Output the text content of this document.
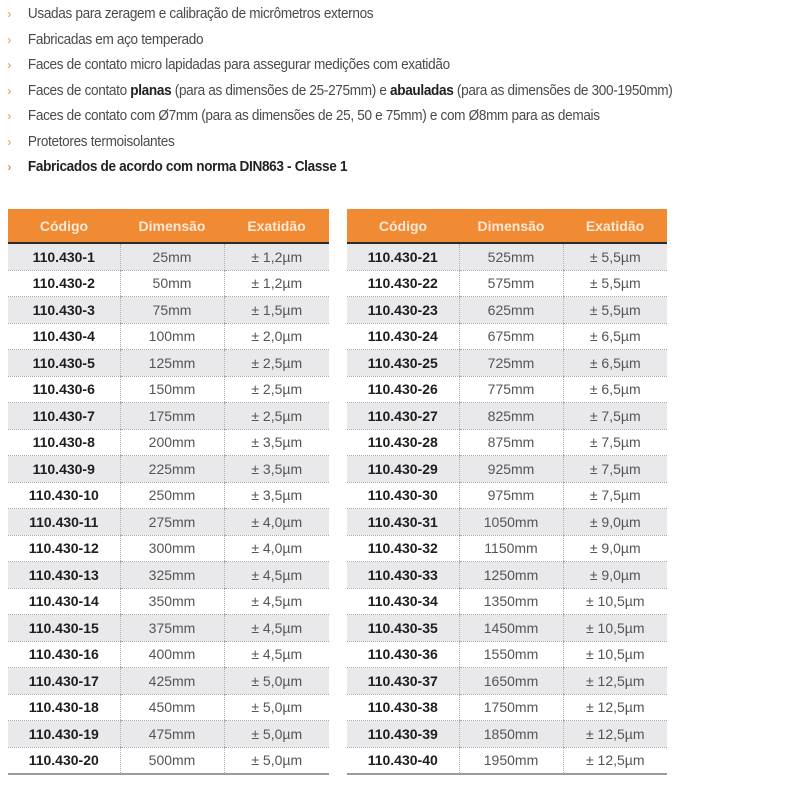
› Usadas para zeragem e calibração de micrômetros externos
› Fabricadas em aço temperado
› Faces de contato micro lapidadas para assegurar medições com exatidão
› Faces de contato planas (para as dimensões de 25-275mm) e abauladas (para as dimensões de 300-1950mm)
› Faces de contato com Ø7mm (para as dimensões de 25, 50 e 75mm) e com Ø8mm para as demais
› Protetores termoisolantes
› Fabricados de acordo com norma DIN863 - Classe 1
Código	Dimensão	Exatidão
110.430-1	25mm	± 1,2µm
110.430-2	50mm	± 1,2µm
110.430-3	75mm	± 1,5µm
110.430-4	100mm	± 2,0µm
110.430-5	125mm	± 2,5µm
110.430-6	150mm	± 2,5µm
110.430-7	175mm	± 2,5µm
110.430-8	200mm	± 3,5µm
110.430-9	225mm	± 3,5µm
110.430-10	250mm	± 3,5µm
110.430-11	275mm	± 4,0µm
110.430-12	300mm	± 4,0µm
110.430-13	325mm	± 4,5µm
110.430-14	350mm	± 4,5µm
110.430-15	375mm	± 4,5µm
110.430-16	400mm	± 4,5µm
110.430-17	425mm	± 5,0µm
110.430-18	450mm	± 5,0µm
110.430-19	475mm	± 5,0µm
110.430-20	500mm	± 5,0µm
Código	Dimensão	Exatidão
110.430-21	525mm	± 5,5µm
110.430-22	575mm	± 5,5µm
110.430-23	625mm	± 5,5µm
110.430-24	675mm	± 6,5µm
110.430-25	725mm	± 6,5µm
110.430-26	775mm	± 6,5µm
110.430-27	825mm	± 7,5µm
110.430-28	875mm	± 7,5µm
110.430-29	925mm	± 7,5µm
110.430-30	975mm	± 7,5µm
110.430-31	1050mm	± 9,0µm
110.430-32	1150mm	± 9,0µm
110.430-33	1250mm	± 9,0µm
110.430-34	1350mm	± 10,5µm
110.430-35	1450mm	± 10,5µm
110.430-36	1550mm	± 10,5µm
110.430-37	1650mm	± 12,5µm
110.430-38	1750mm	± 12,5µm
110.430-39	1850mm	± 12,5µm
110.430-40	1950mm	± 12,5µm
